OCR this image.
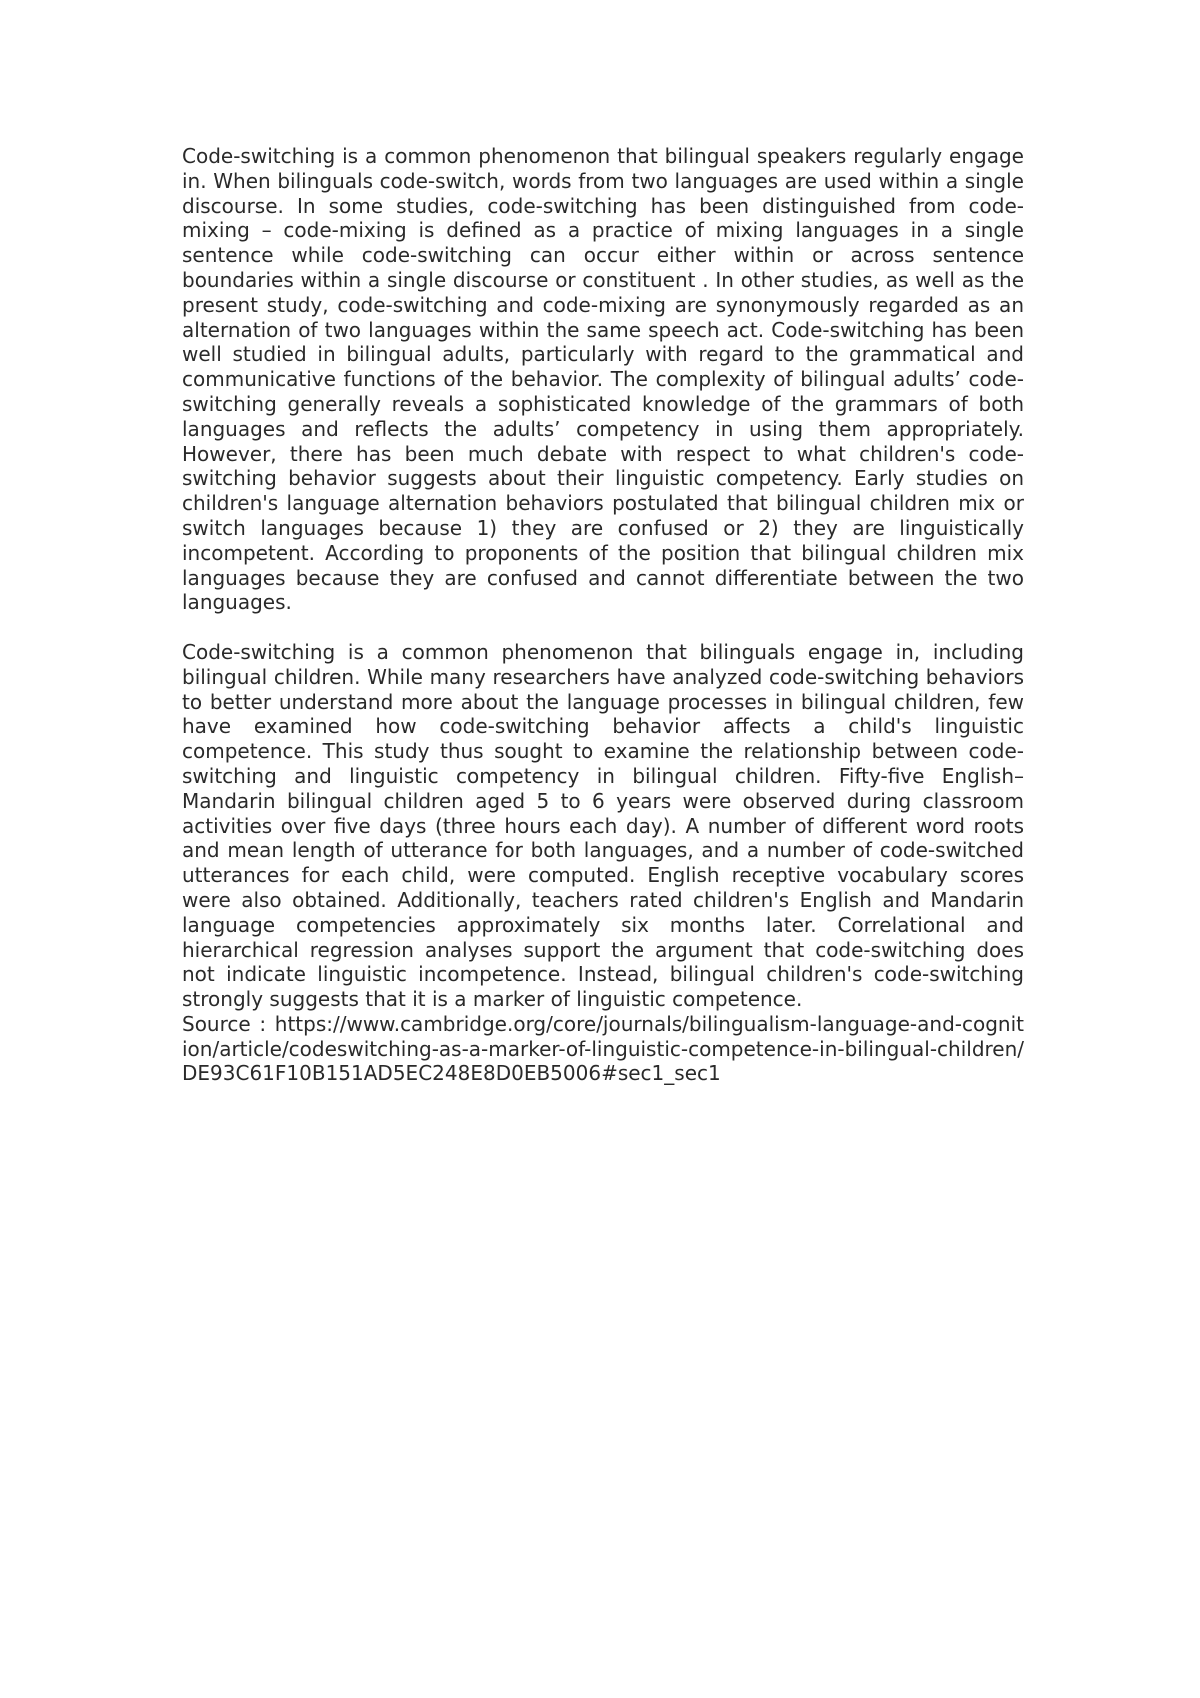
Code-switching is a common phenomenon that bilingual speakers regularly engage in. When bilinguals code-switch, words from two languages are used within a single discourse. In some studies, code-switching has been distinguished from code-mixing – code-mixing is defined as a practice of mixing languages in a single sentence while code-switching can occur either within or across sentence boundaries within a single discourse or constituent . In other studies, as well as the present study, code-switching and code-mixing are synonymously regarded as an alternation of two languages within the same speech act. Code-switching has been well studied in bilingual adults, particularly with regard to the grammatical and communicative functions of the behavior. The complexity of bilingual adults’ code-switching generally reveals a sophisticated knowledge of the grammars of both languages and reflects the adults’ competency in using them appropriately. However, there has been much debate with respect to what children's code-switching behavior suggests about their linguistic competency. Early studies on children's language alternation behaviors postulated that bilingual children mix or switch languages because 1) they are confused or 2) they are linguistically incompetent. According to proponents of the position that bilingual children mix languages because they are confused and cannot differentiate between the two languages.

Code-switching is a common phenomenon that bilinguals engage in, including bilingual children. While many researchers have analyzed code-switching behaviors to better understand more about the language processes in bilingual children, few have examined how code-switching behavior affects a child's linguistic competence. This study thus sought to examine the relationship between code-switching and linguistic competency in bilingual children. Fifty-five English–Mandarin bilingual children aged 5 to 6 years were observed during classroom activities over five days (three hours each day). A number of different word roots and mean length of utterance for both languages, and a number of code-switched utterances for each child, were computed. English receptive vocabulary scores were also obtained. Additionally, teachers rated children's English and Mandarin language competencies approximately six months later. Correlational and hierarchical regression analyses support the argument that code-switching does not indicate linguistic incompetence. Instead, bilingual children's code-switching strongly suggests that it is a marker of linguistic competence.

Source : https://www.cambridge.org/core/journals/bilingualism-language-and-cognition/article/codeswitching-as-a-marker-of-linguistic-competence-in-bilingual-children/DE93C61F10B151AD5EC248E8D0EB5006#sec1_sec1
